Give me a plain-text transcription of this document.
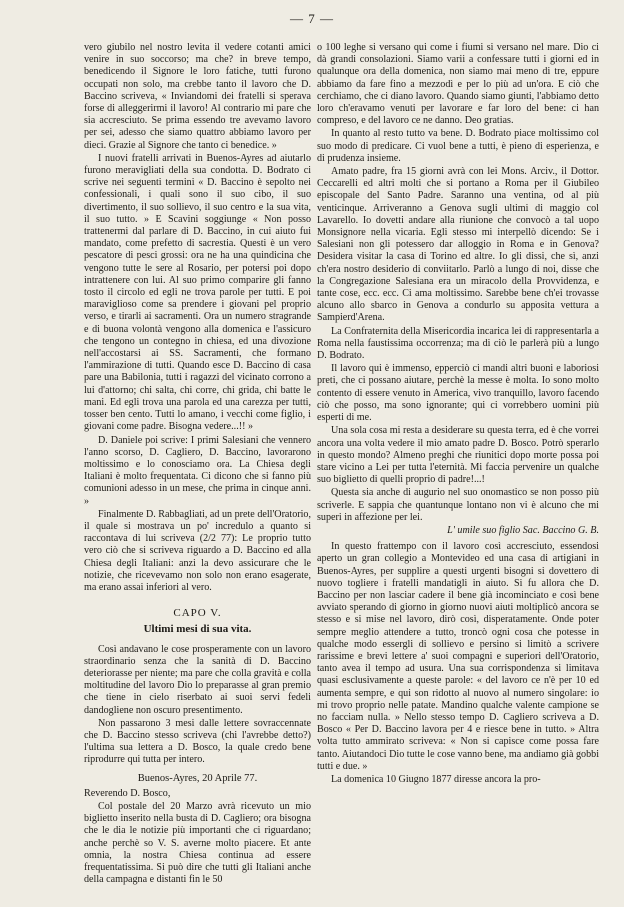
— 7 —

vero giubilo nel nostro levita il vedere cotanti amici venire in suo soccorso; ma che? in breve tempo, benedicendo il Signore le loro fatiche, tutti furono occupati non solo, ma crebbe tanto il lavoro che D. Baccino scriveva, « Inviandomi dei fratelli si sperava forse di alleggerirmi il lavoro! Al contrario mi pare che sia accresciuto. Se prima essendo tre avevamo lavoro per sei, adesso che siamo quattro abbiamo lavoro per dieci. Grazie al Signore che tanto ci benedice. »

I nuovi fratelli arrivati in Buenos-Ayres ad aiutarlo furono meravigliati della sua condotta. D. Bodrato ci scrive nei seguenti termini « D. Baccino è sepolto nei confessionali, i quali sono il suo cibo, il suo divertimento, il suo sollievo, il suo centro e la sua vita, il suo tutto. » E Scavini soggiunge « Non posso trattenermi dal parlare di D. Baccino, in cui aiuto fui mandato, come prefetto di sacrestia. Questi è un vero pescatore di pesci grossi: ora ne ha una quindicina che vengono tutte le sere al Rosario, per potersi poi dopo intrattenere con lui. Al suo primo comparire gli fanno tosto il circolo ed egli ne trova parole per tutti. E poi maraviglioso come sa prendere i giovani pel proprio verso, e tirarli ai sacramenti. Ora un numero stragrande e di buona volontà vengono alla domenica e l'assicuro che tengono un contegno in chiesa, ed una divozione nell'accostarsi ai SS. Sacramenti, che formano l'ammirazione di tutti. Quando esce D. Baccino di casa pare una Babilonia, tutti i ragazzi del vicinato corrono a lui d'attorno; chi salta, chi corre, chi grida, chi batte le mani. Ed egli trova una parola ed una carezza per tutti, tosser ben cento. Tutti lo amano, i vecchi come figlio, i giovani come padre. Bisogna vedere...!! »

D. Daniele poi scrive: I primi Salesiani che vennero l'anno scorso, D. Cagliero, D. Baccino, lavorarono moltissimo e lo conosciamo ora. La Chiesa degli Italiani è molto frequentata. Ci dicono che si fanno più comunioni adesso in un mese, che prima in cinque anni. »

Finalmente D. Rabbagliati, ad un prete dell'Oratorio, il quale si mostrava un po' incredulo a quanto si raccontava di lui scriveva (2/2 77): Le proprio tutto vero ciò che si scriveva riguardo a D. Baccino ed alla Chiesa degli Italiani: anzi la devo assicurare che le notizie, che ricevevamo non solo non erano esagerate, ma erano assai inferiori al vero.

CAPO V.
Ultimi mesi di sua vita.

Così andavano le cose prosperamente con un lavoro straordinario senza che la sanità di D. Baccino deteriorasse per niente; ma pare che colla gravità e colla moltitudine del lavoro Dio lo preparasse al gran premio che tiene in cielo riserbato ai suoi servi fedeli dandogliene non oscuro presentimento.

Non passarono 3 mesi dalle lettere sovraccennate che D. Baccino stesso scriveva (chi l'avrebbe detto?) l'ultima sua lettera a D. Bosco, la quale credo bene riprodurre qui tutta per intero.

Buenos-Ayres, 20 Aprile 77.

Reverendo D. Bosco,

Col postale del 20 Marzo avrà ricevuto un mio biglietto inserito nella busta di D. Cagliero; ora bisogna che le dia le notizie più importanti che ci riguardano; anche perchè so V. S. averne molto piacere. Et ante omnia, la nostra Chiesa continua ad essere frequentatissima. Si può dire che tutti gli Italiani anche della campagna e distanti fin le 50

o 100 leghe si versano qui come i fiumi si versano nel mare. Dio ci dà grandi consolazioni. Siamo varii a confessare tutti i giorni ed in qualunque ora della domenica, non siamo mai meno di tre, eppure abbiamo da fare fino a mezzodì e per lo più ad un'ora. E ciò che cerchiamo, che ci diano lavoro. Quando siamo giunti, l'abbiamo detto loro ch'eravamo venuti per lavorare e far loro del bene: ci han compreso, e del lavoro ce ne danno. Deo gratias.

In quanto al resto tutto va bene. D. Bodrato piace moltissimo col suo modo di predicare. Ci vuol bene a tutti, è pieno di esperienza, e di prudenza insieme.

Amato padre, fra 15 giorni avrà con lei Mons. Arciv., il Dottor. Ceccarelli ed altri molti che si portano a Roma per il Giubileo episcopale del Santo Padre. Saranno una ventina, od al più venticinque. Arriveranno a Genova sugli ultimi di maggio col Lavarello. Io dovetti andare alla riunione che convocò a tal uopo Monsignore nella vicaria. Egli stesso mi interpellò dicendo: Se i Salesiani non gli potessero dar alloggio in Roma e in Genova? Desidera visitar la casa di Torino ed altre. Io gli dissi, che sì, anzi ch'era nostro desiderio di conviitarlo. Parlò a lungo di noi, disse che la Congregazione Salesiana era un miracolo della Provvidenza, e tante cose, ecc. ecc. Ci ama moltissimo. Sarebbe bene ch'ei trovasse alcuno allo sbarco in Genova a condurlo su apposita vettura a Sampierd'Arena.

La Confraternita della Misericordia incarica lei di rappresentarla a Roma nella faustissima occorrenza; ma di ciò le parlerà più a lungo D. Bodrato.

Il lavoro qui è immenso, epperciò ci mandi altri buoni e laboriosi preti, che ci possano aiutare, perchè la messe è molta. Io sono molto contento di essere venuto in America, vivo tranquillo, lavoro facendo ciò che posso, ma sono ignorante; qui ci vorrebbero uomini più esperti di me.

Una sola cosa mi resta a desiderare su questa terra, ed è che vorrei ancora una volta vedere il mio amato padre D. Bosco. Potrò sperarlo in questo mondo? Almeno preghi che riunitici dopo morte possa poi stare vicino a Lei per tutta l'eternità. Mi faccia pervenire un qualche suo biglietto di quelli proprio di padre!...!

Questa sia anche di augurio nel suo onomastico se non posso più scriverle. E sappia che quantunque lontano non vi è alcuno che mi superi in affezione per lei.

L' umile suo figlio Sac. Baccino G. B.

In questo frattempo con il lavoro così accresciuto, essendosi aperto un gran collegio a Montevideo ed una casa di artigiani in Buenos-Ayres, per supplire a questi urgenti bisogni si dovettero di nuovo togliere i fratelli mandatigli in aiuto. Si fu allora che D. Baccino per non lasciar cadere il bene già incominciato e così bene avviato sperando di giorno in giorno nuovi aiuti moltiplicò ancora se stesso e si mise nel lavoro, dirò così, disperatamente. Onde poter sempre meglio attendere a tutto, troncò ogni cosa che potesse in qualche modo essergli di sollievo e persino si limitò a scrivere rarissime e brevi lettere a' suoi compagni e superiori dell'Oratorio, tanto avea il tempo ad usura. Una sua corrispondenza si limitava quasi esclusivamente a queste parole: « del lavoro ce n'è per 10 ed aumenta sempre, e qui son ridotto al nuovo al numero singolare: io mi trovo proprio nelle patate. Mandino qualche valente campione se no facciam nulla. » Nello stesso tempo D. Cagliero scriveva a D. Bosco « Per D. Baccino lavora per 4 e riesce bene in tutto. » Altra volta tutto ammirato scriveva: « Non si capisce come possa fare tanto. Aiutandoci Dio tutte le cose vanno bene, ma andiamo già gobbi tutti e due. »

La domenica 10 Giugno 1877 diresse ancora la pro-
